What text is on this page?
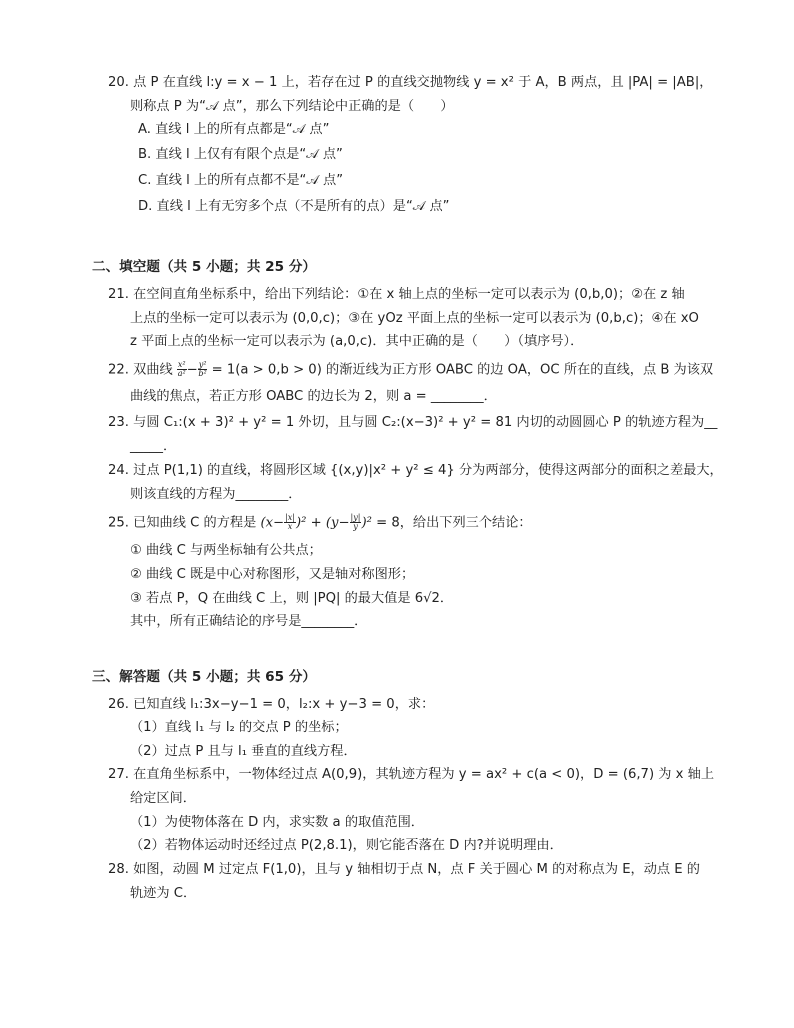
20. 点 P 在直线 l:y = x − 1 上，若存在过 P 的直线交抛物线 y = x² 于 A，B 两点，且 |PA| = |AB|，
则称点 P 为“𝒜 点”，那么下列结论中正确的是（　　）
A. 直线 l 上的所有点都是“𝒜 点”
B. 直线 l 上仅有有限个点是“𝒜 点”
C. 直线 l 上的所有点都不是“𝒜 点”
D. 直线 l 上有无穷多个点（不是所有的点）是“𝒜 点”
二、填空题（共 5 小题；共 25 分）
21. 在空间直角坐标系中，给出下列结论：①在 x 轴上点的坐标一定可以表示为 (0,b,0)；②在 z 轴
上点的坐标一定可以表示为 (0,0,c)；③在 yOz 平面上点的坐标一定可以表示为 (0,b,c)；④在 xO
z 平面上点的坐标一定可以表示为 (a,0,c)．其中正确的是（　　）（填序号）．
22. 双曲线 $\frac{\text{x²}}{\text{a²}} - \frac{\text{y²}}{\text{b²}} = 1(a > 0,b > 0)$ 的渐近线为正方形 OABC 的边 OA，OC 所在的直线，点 B 为该双
曲线的焦点，若正方形 OABC 的边长为 2，则 a = ________．
23. 与圆 C₁:(x + 3)² + y² = 1 外切，且与圆 C₂:(x−3)² + y² = 81 内切的动圆圆心 P 的轨迹方程为__
_____．
24. 过点 P(1,1) 的直线，将圆形区域 {(x,y)|x² + y² ≤ 4} 分为两部分，使得这两部分的面积之差最大，
则该直线的方程为________．
25. 已知曲线 C 的方程是 $(x- \frac{|x|}{x} )^2 + (y- \frac{|y|}{y} )^2 = 8$，给出下列三个结论：
① 曲线 C 与两坐标轴有公共点；
② 曲线 C 既是中心对称图形，又是轴对称图形；
③ 若点 P，Q 在曲线 C 上，则 |PQ| 的最大值是 6√2．
其中，所有正确结论的序号是________．
三、解答题（共 5 小题；共 65 分）
26. 已知直线 l₁:3x−y−1 = 0，l₂:x + y−3 = 0，求：
（1）直线 l₁ 与 l₂ 的交点 P 的坐标；
（2）过点 P 且与 l₁ 垂直的直线方程．
27. 在直角坐标系中，一物体经过点 A(0,9)，其轨迹方程为 y = ax² + c(a < 0)，D = (6,7) 为 x 轴上
给定区间．
（1）为使物体落在 D 内，求实数 a 的取值范围．
（2）若物体运动时还经过点 P(2,8.1)，则它能否落在 D 内?并说明理由．
28. 如图，动圆 M 过定点 F(1,0)，且与 y 轴相切于点 N，点 F 关于圆心 M 的对称点为 E，动点 E 的
轨迹为 C．
